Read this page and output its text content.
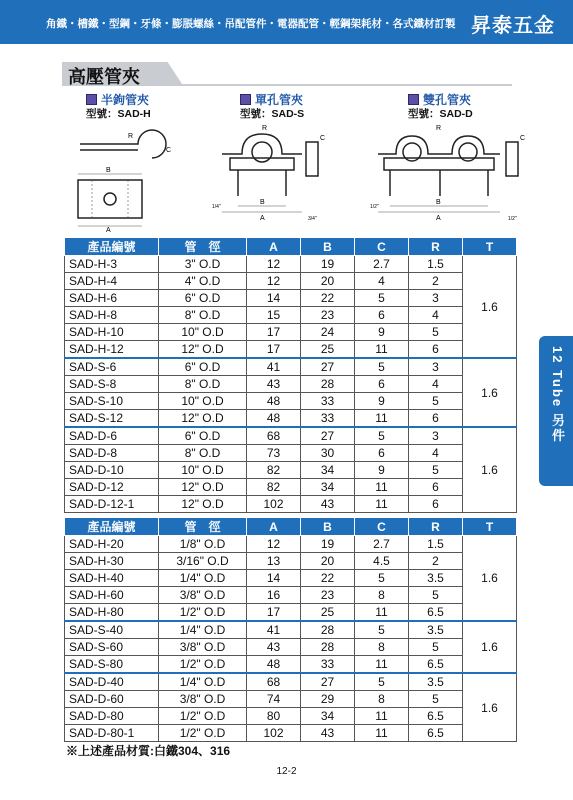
角鐵・槽鐵・型鋼・牙條・膨脹螺絲・吊配管件・電器配管・輕鋼架耗材・各式鐵材訂製 昇泰五金
高壓管夾
半鉤管夾
型號：SAD-H
單孔管夾
型號：SAD-S
雙孔管夾
型號：SAD-D
A
B
R
C
A
B
R
C
1/4"
3/4"	A
B
R
C
1/2"
1/2"
產品編號	管　徑	A	B	C	R	T
SAD-H-3	3" O.D	12	19	2.7	1.5	1.6
SAD-H-4	4" O.D	12	20	4	2	
SAD-H-6	6" O.D	14	22	5	3	
SAD-H-8	8" O.D	15	23	6	4	
SAD-H-10	10" O.D	17	24	9	5	
SAD-H-12	12" O.D	17	25	11	6	
SAD-S-6	6" O.D	41	27	5	3	1.6
SAD-S-8	8" O.D	43	28	6	4	
SAD-S-10	10" O.D	48	33	9	5	
SAD-S-12	12" O.D	48	33	11	6	
SAD-D-6	6" O.D	68	27	5	3	1.6
SAD-D-8	8" O.D	73	30	6	4	
SAD-D-10	10" O.D	82	34	9	5	
SAD-D-12	12" O.D	82	34	11	6	
SAD-D-12-1	12" O.D	102	43	11	6	
產品編號	管　徑	A	B	C	R	T
SAD-H-20	1/8" O.D	12	19	2.7	1.5	1.6
SAD-H-30	3/16" O.D	13	20	4.5	2	
SAD-H-40	1/4" O.D	14	22	5	3.5	
SAD-H-60	3/8" O.D	16	23	8	5	
SAD-H-80	1/2" O.D	17	25	11	6.5	
SAD-S-40	1/4" O.D	41	28	5	3.5	1.6
SAD-S-60	3/8" O.D	43	28	8	5	
SAD-S-80	1/2" O.D	48	33	11	6.5	
SAD-D-40	1/4" O.D	68	27	5	3.5	1.6
SAD-D-60	3/8" O.D	74	29	8	5	
SAD-D-80	1/2" O.D	80	34	11	6.5	
SAD-D-80-1	1/2" O.D	102	43	11	6.5	
12 Tube 另件
※上述產品材質:白鐵304、316
12-2
